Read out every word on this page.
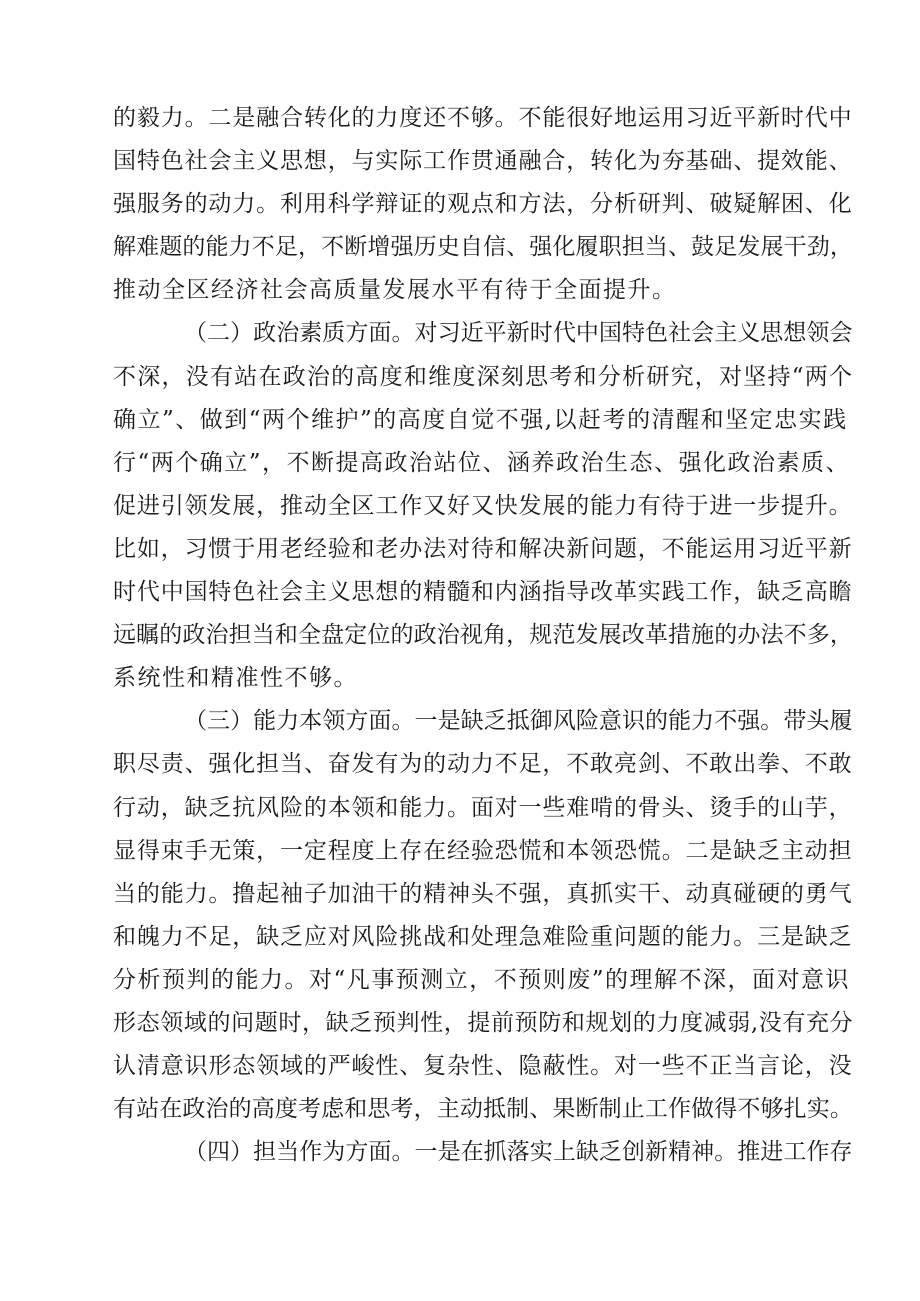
的毅力。二是融合转化的力度还不够。不能很好地运用习近平新时代中
国特色社会主义思想，与实际工作贯通融合，转化为夯基础、提效能、
强服务的动力。利用科学辩证的观点和方法，分析研判、破疑解困、化
解难题的能力不足，不断增强历史自信、强化履职担当、鼓足发展干劲，
推动全区经济社会高质量发展水平有待于全面提升。
（二）政治素质方面。对习近平新时代中国特色社会主义思想领会
不深，没有站在政治的高度和维度深刻思考和分析研究，对坚持“两个
确立”、做到“两个维护”的高度自觉不强,以赶考的清醒和坚定忠实践
行“两个确立”，不断提高政治站位、涵养政治生态、强化政治素质、
促进引领发展，推动全区工作又好又快发展的能力有待于进一步提升。
比如，习惯于用老经验和老办法对待和解决新问题，不能运用习近平新
时代中国特色社会主义思想的精髓和内涵指导改革实践工作，缺乏高瞻
远瞩的政治担当和全盘定位的政治视角，规范发展改革措施的办法不多，
系统性和精准性不够。
（三）能力本领方面。一是缺乏抵御风险意识的能力不强。带头履
职尽责、强化担当、奋发有为的动力不足，不敢亮剑、不敢出拳、不敢
行动，缺乏抗风险的本领和能力。面对一些难啃的骨头、烫手的山芋，
显得束手无策，一定程度上存在经验恐慌和本领恐慌。二是缺乏主动担
当的能力。撸起袖子加油干的精神头不强，真抓实干、动真碰硬的勇气
和魄力不足，缺乏应对风险挑战和处理急难险重问题的能力。三是缺乏
分析预判的能力。对“凡事预测立，不预则废”的理解不深，面对意识
形态领域的问题时，缺乏预判性，提前预防和规划的力度减弱,没有充分
认清意识形态领域的严峻性、复杂性、隐蔽性。对一些不正当言论，没
有站在政治的高度考虑和思考，主动抵制、果断制止工作做得不够扎实。
（四）担当作为方面。一是在抓落实上缺乏创新精神。推进工作存
